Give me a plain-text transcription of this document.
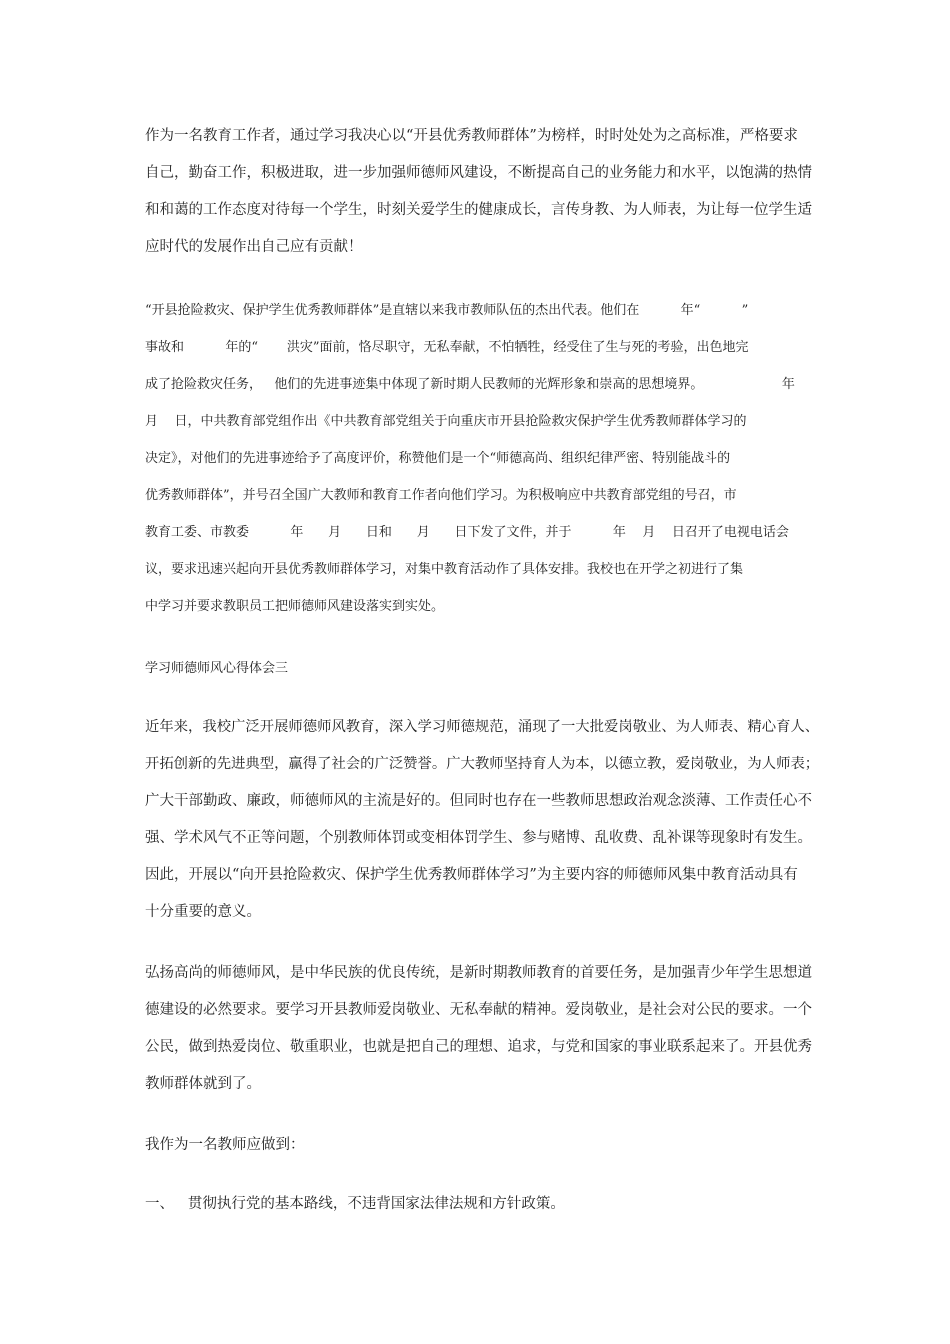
作为一名教育工作者，通过学习我决心以“开县优秀教师群体”为榜样，时时处处为之高标准，严格要求
自己，勤奋工作，积极进取，进一步加强师德师风建设，不断提高自己的业务能力和水平，以饱满的热情
和和蔼的工作态度对待每一个学生，时刻关爱学生的健康成长，言传身教、为人师表，为让每一位学生适
应时代的发展作出自己应有贡献！
“开县抢险救灾、保护学生优秀教师群体”是直辖以来我市教师队伍的杰出代表。他们在          年“          ”
事故和          年的“       洪灾”面前，恪尽职守，无私奉献，不怕牺牲，经受住了生与死的考验，出色地完
成了抢险救灾任务，   他们的先进事迹集中体现了新时期人民教师的光辉形象和崇高的思想境界。                   年
月    日，中共教育部党组作出《中共教育部党组关于向重庆市开县抢险救灾保护学生优秀教师群体学习的
决定》，对他们的先进事迹给予了高度评价，称赞他们是一个“师德高尚、组织纪律严密、特别能战斗的
优秀教师群体”，并号召全国广大教师和教育工作者向他们学习。为积极响应中共教育部党组的号召，市
教育工委、市教委          年      月      日和      月      日下发了文件，并于          年    月    日召开了电视电话会
议，要求迅速兴起向开县优秀教师群体学习，对集中教育活动作了具体安排。我校也在开学之初进行了集
中学习并要求教职员工把师德师风建设落实到实处。
学习师德师风心得体会三
近年来，我校广泛开展师德师风教育，深入学习师德规范，涌现了一大批爱岗敬业、为人师表、精心育人、
开拓创新的先进典型，赢得了社会的广泛赞誉。广大教师坚持育人为本，以德立教，爱岗敬业，为人师表；
广大干部勤政、廉政，师德师风的主流是好的。但同时也存在一些教师思想政治观念淡薄、工作责任心不
强、学术风气不正等问题，个别教师体罚或变相体罚学生、参与赌博、乱收费、乱补课等现象时有发生。
因此，开展以“向开县抢险救灾、保护学生优秀教师群体学习”为主要内容的师德师风集中教育活动具有
十分重要的意义。
弘扬高尚的师德师风，是中华民族的优良传统，是新时期教师教育的首要任务，是加强青少年学生思想道
德建设的必然要求。要学习开县教师爱岗敬业、无私奉献的精神。爱岗敬业，是社会对公民的要求。一个
公民，做到热爱岗位、敬重职业，也就是把自己的理想、追求，与党和国家的事业联系起来了。开县优秀
教师群体就到了。
我作为一名教师应做到：
一、   贯彻执行党的基本路线，不违背国家法律法规和方针政策。
